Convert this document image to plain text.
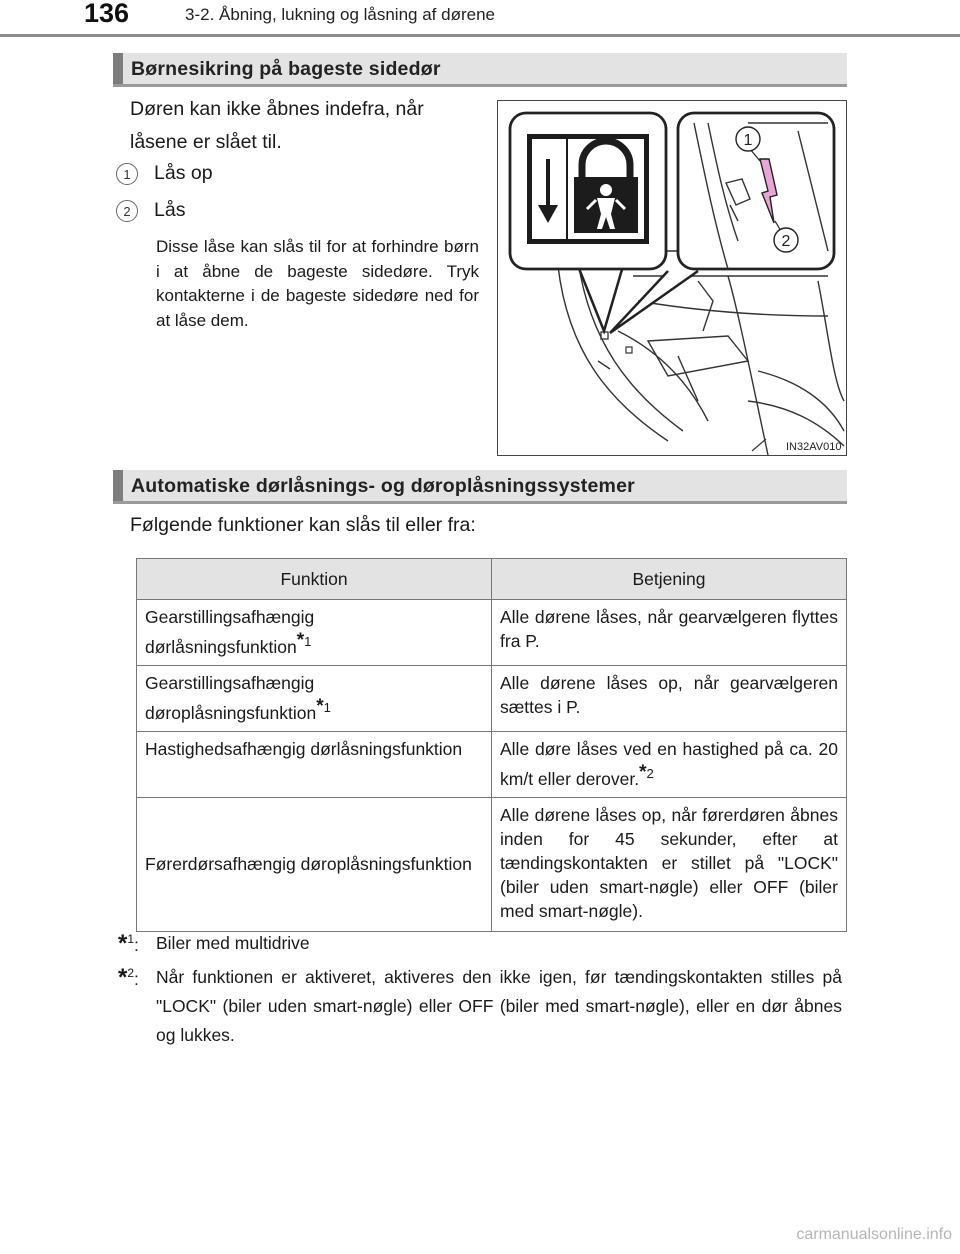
136	3-2. Åbning, lukning og låsning af dørene
Børnesikring på bageste sidedør
Døren kan ikke åbnes indefra, når låsene er slået til.
1 Lås op
2 Lås
Disse låse kan slås til for at forhindre børn i at åbne de bageste sidedøre. Tryk kontakterne i de bageste sidedøre ned for at låse dem.
1
2
IN32AV010
Automatiske dørlåsnings- og døroplåsningssystemer
Følgende funktioner kan slås til eller fra:
Funktion	Betjening
Gearstillingsafhængig dørlåsningsfunktion$^{*1}$	Alle dørene låses, når gearvælgeren flyttes fra P.
Gearstillingsafhængig døroplåsningsfunktion$^{*1}$	Alle dørene låses op, når gearvælgeren sættes i P.
Hastighedsafhængig dørlåsningsfunktion	Alle døre låses ved en hastighed på ca. 20 km/t eller derover.$^{*2}$
Førerdørsafhængig døroplåsningsfunktion	Alle dørene låses op, når førerdøren åbnes inden for 45 sekunder, efter at tændingskontakten er stillet på "LOCK" (biler uden smart-nøgle) eller OFF (biler med smart-nøgle).
*$^1$: Biler med multidrive
*$^2$: Når funktionen er aktiveret, aktiveres den ikke igen, før tændingskontakten stilles på "LOCK" (biler uden smart-nøgle) eller OFF (biler med smart-nøgle), eller en dør åbnes og lukkes.
carmanualsonline.info
